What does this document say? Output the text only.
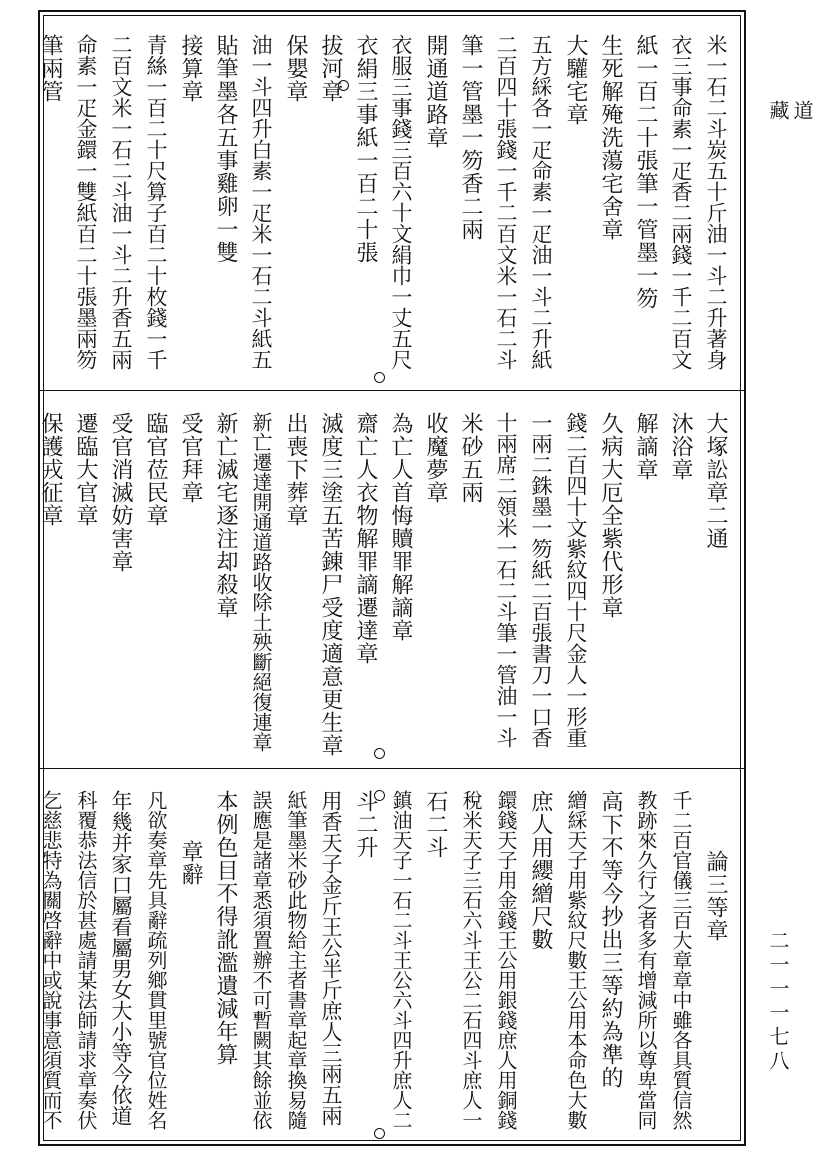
道　藏
二一一一七八
米一石二斗炭五十斤油一斗二升著身
衣三事命素一疋香二兩錢一千二百文
紙一百二十張筆一管墨一笏
生死解殗洗蕩宅舍章
大驩宅章
五方綵各一疋命素一疋油一斗二升紙
二百四十張錢一千二百文米一石二斗
筆一管墨一笏香二兩
開通道路章
衣服三事錢三百六十文絹巾一丈五尺
衣絹三事紙一百二十張
拔河章
保嬰章
油一斗四升白素一疋米一石二斗紙五
貼筆墨各五事雞卵一雙
接算章
青絲一百二十尺算子百二十枚錢一千
二百文米一石二斗油一斗二升香五兩
命素一疋金鐶一雙紙百二十張墨兩笏
筆兩管
大塚訟章二通
沐浴章
解謫章
久病大厄全紫代形章
錢二百四十文紫紋四十尺金人一形重
一兩二銖墨一笏紙二百張書刀一口香
十兩席二領米一石二斗筆一管油一斗
米砂五兩
收魔夢章
為亡人首悔贖罪解謫章
齋亡人衣物解罪謫遷達章
滅度三塗五苦錬尸受度適意更生章
出喪下葬章
新亡遷達開通道路收除土殃斷絕復連章
新亡滅宅逐注却殺章
受官拜章
臨官莅民章
受官消滅妨害章
遷臨大官章
保護戎征章
論三等章
千二百官儀三百大章章中雖各具質信然
教跡來久行之者多有增減所以尊卑當同
高下不等今抄出三等約為準的
繒綵天子用紫紋尺數王公用本命色大數
庶人用纓繒尺數
鐶錢天子用金錢王公用銀錢庶人用銅錢
稅米天子三石六斗王公二石四斗庶人一
石二斗
鎮油天子一石二斗王公六斗四升庶人二
斗二升
用香天子金斤王公半斤庶人三兩五兩
紙筆墨米砂此物給主者書章起章換易隨
誤應是諸章悉須置辦不可暫闕其餘並依
本例色目不得訛濫遺減年算
章辭
凡欲奏章先具辭疏列鄉貫里號官位姓名
年幾并家口屬看屬男女大小等今依道
科覆恭法信於甚處請某法師請求章奏伏
乞慈悲特為關啓辭中或說事意須質而不
